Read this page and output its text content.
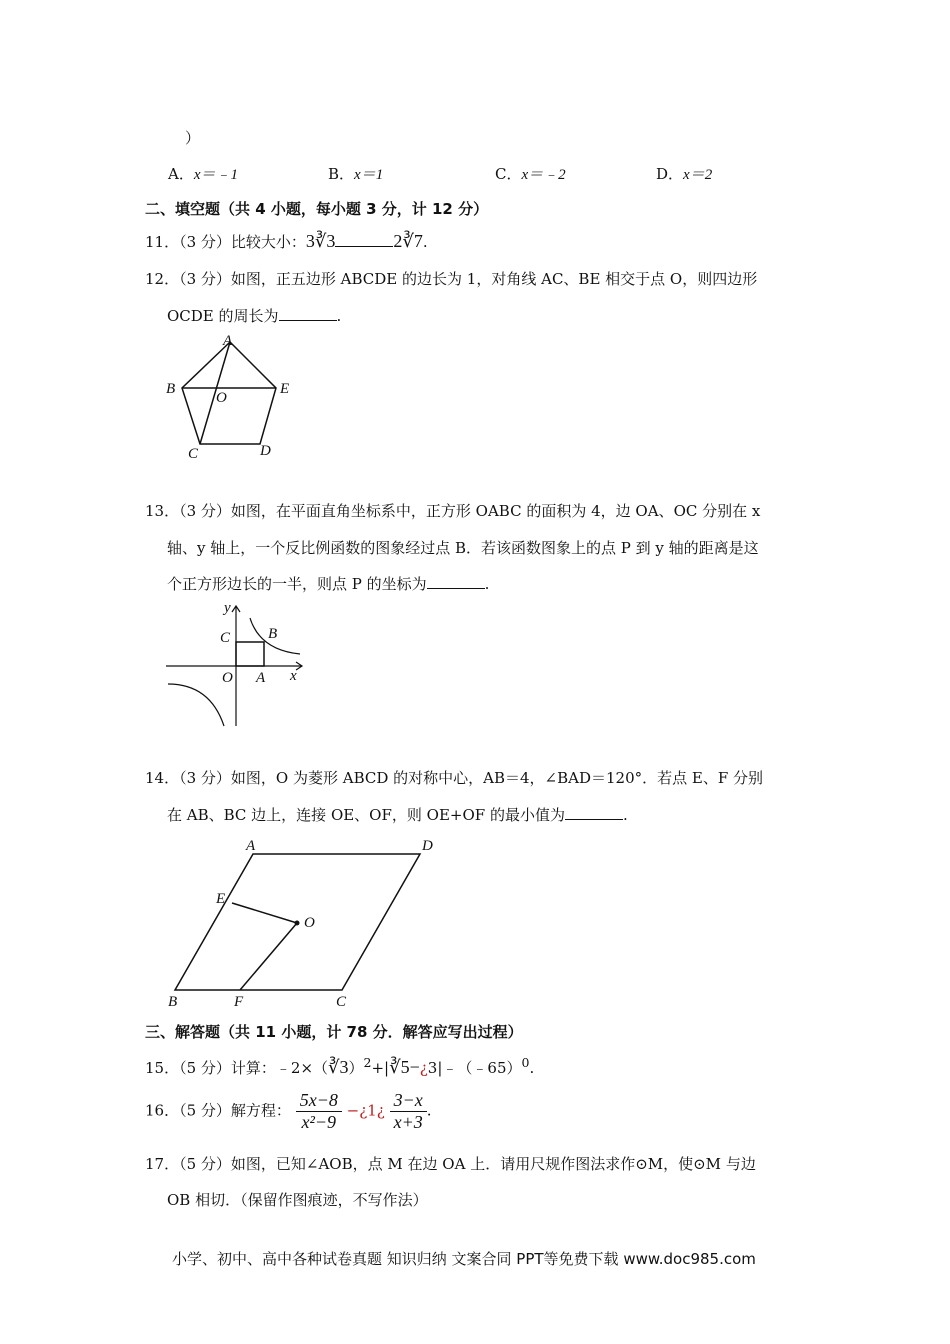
）
A．x＝﹣1	B．x＝1	C．x＝﹣2	D．x＝2
二、填空题（共 4 小题，每小题 3 分，计 12 分）
11．（3 分）比较大小：3∛3	2∛7.
12．（3 分）如图，正五边形 ABCDE 的边长为 1，对角线 AC、BE 相交于点 O，则四边形
OCDE 的周长为	.
A
B	E
O
C	D
13．（3 分）如图，在平面直角坐标系中，正方形 OABC 的面积为 4，边 OA、OC 分别在 x
轴、y 轴上，一个反比例函数的图象经过点 B．若该函数图象上的点 P 到 y 轴的距离是这
个正方形边长的一半，则点 P 的坐标为	.
y
C	B
O A x
14．（3 分）如图，O 为菱形 ABCD 的对称中心，AB＝4，∠BAD＝120°．若点 E、F 分别
在 AB、BC 边上，连接 OE、OF，则 OE+OF 的最小值为	.
A	D
E
O
B	F	C
三、解答题（共 11 小题，计 78 分．解答应写出过程）
15．（5 分）计算：﹣2×（∛3）$^2$+|∛5−¿3|﹣（﹣65）$^0$.
16．（5 分）解方程： $\frac{5x-8}{\text{x²−9}}$ −¿1¿ $\frac{3-x}{x+3}$ .
17．（5 分）如图，已知∠AOB，点 M 在边 OA 上．请用尺规作图法求作⊙M，使⊙M 与边
OB 相切．（保留作图痕迹，不写作法）
小学、初中、高中各种试卷真题 知识归纳 文案合同 PPT等免费下载 www.doc985.com
